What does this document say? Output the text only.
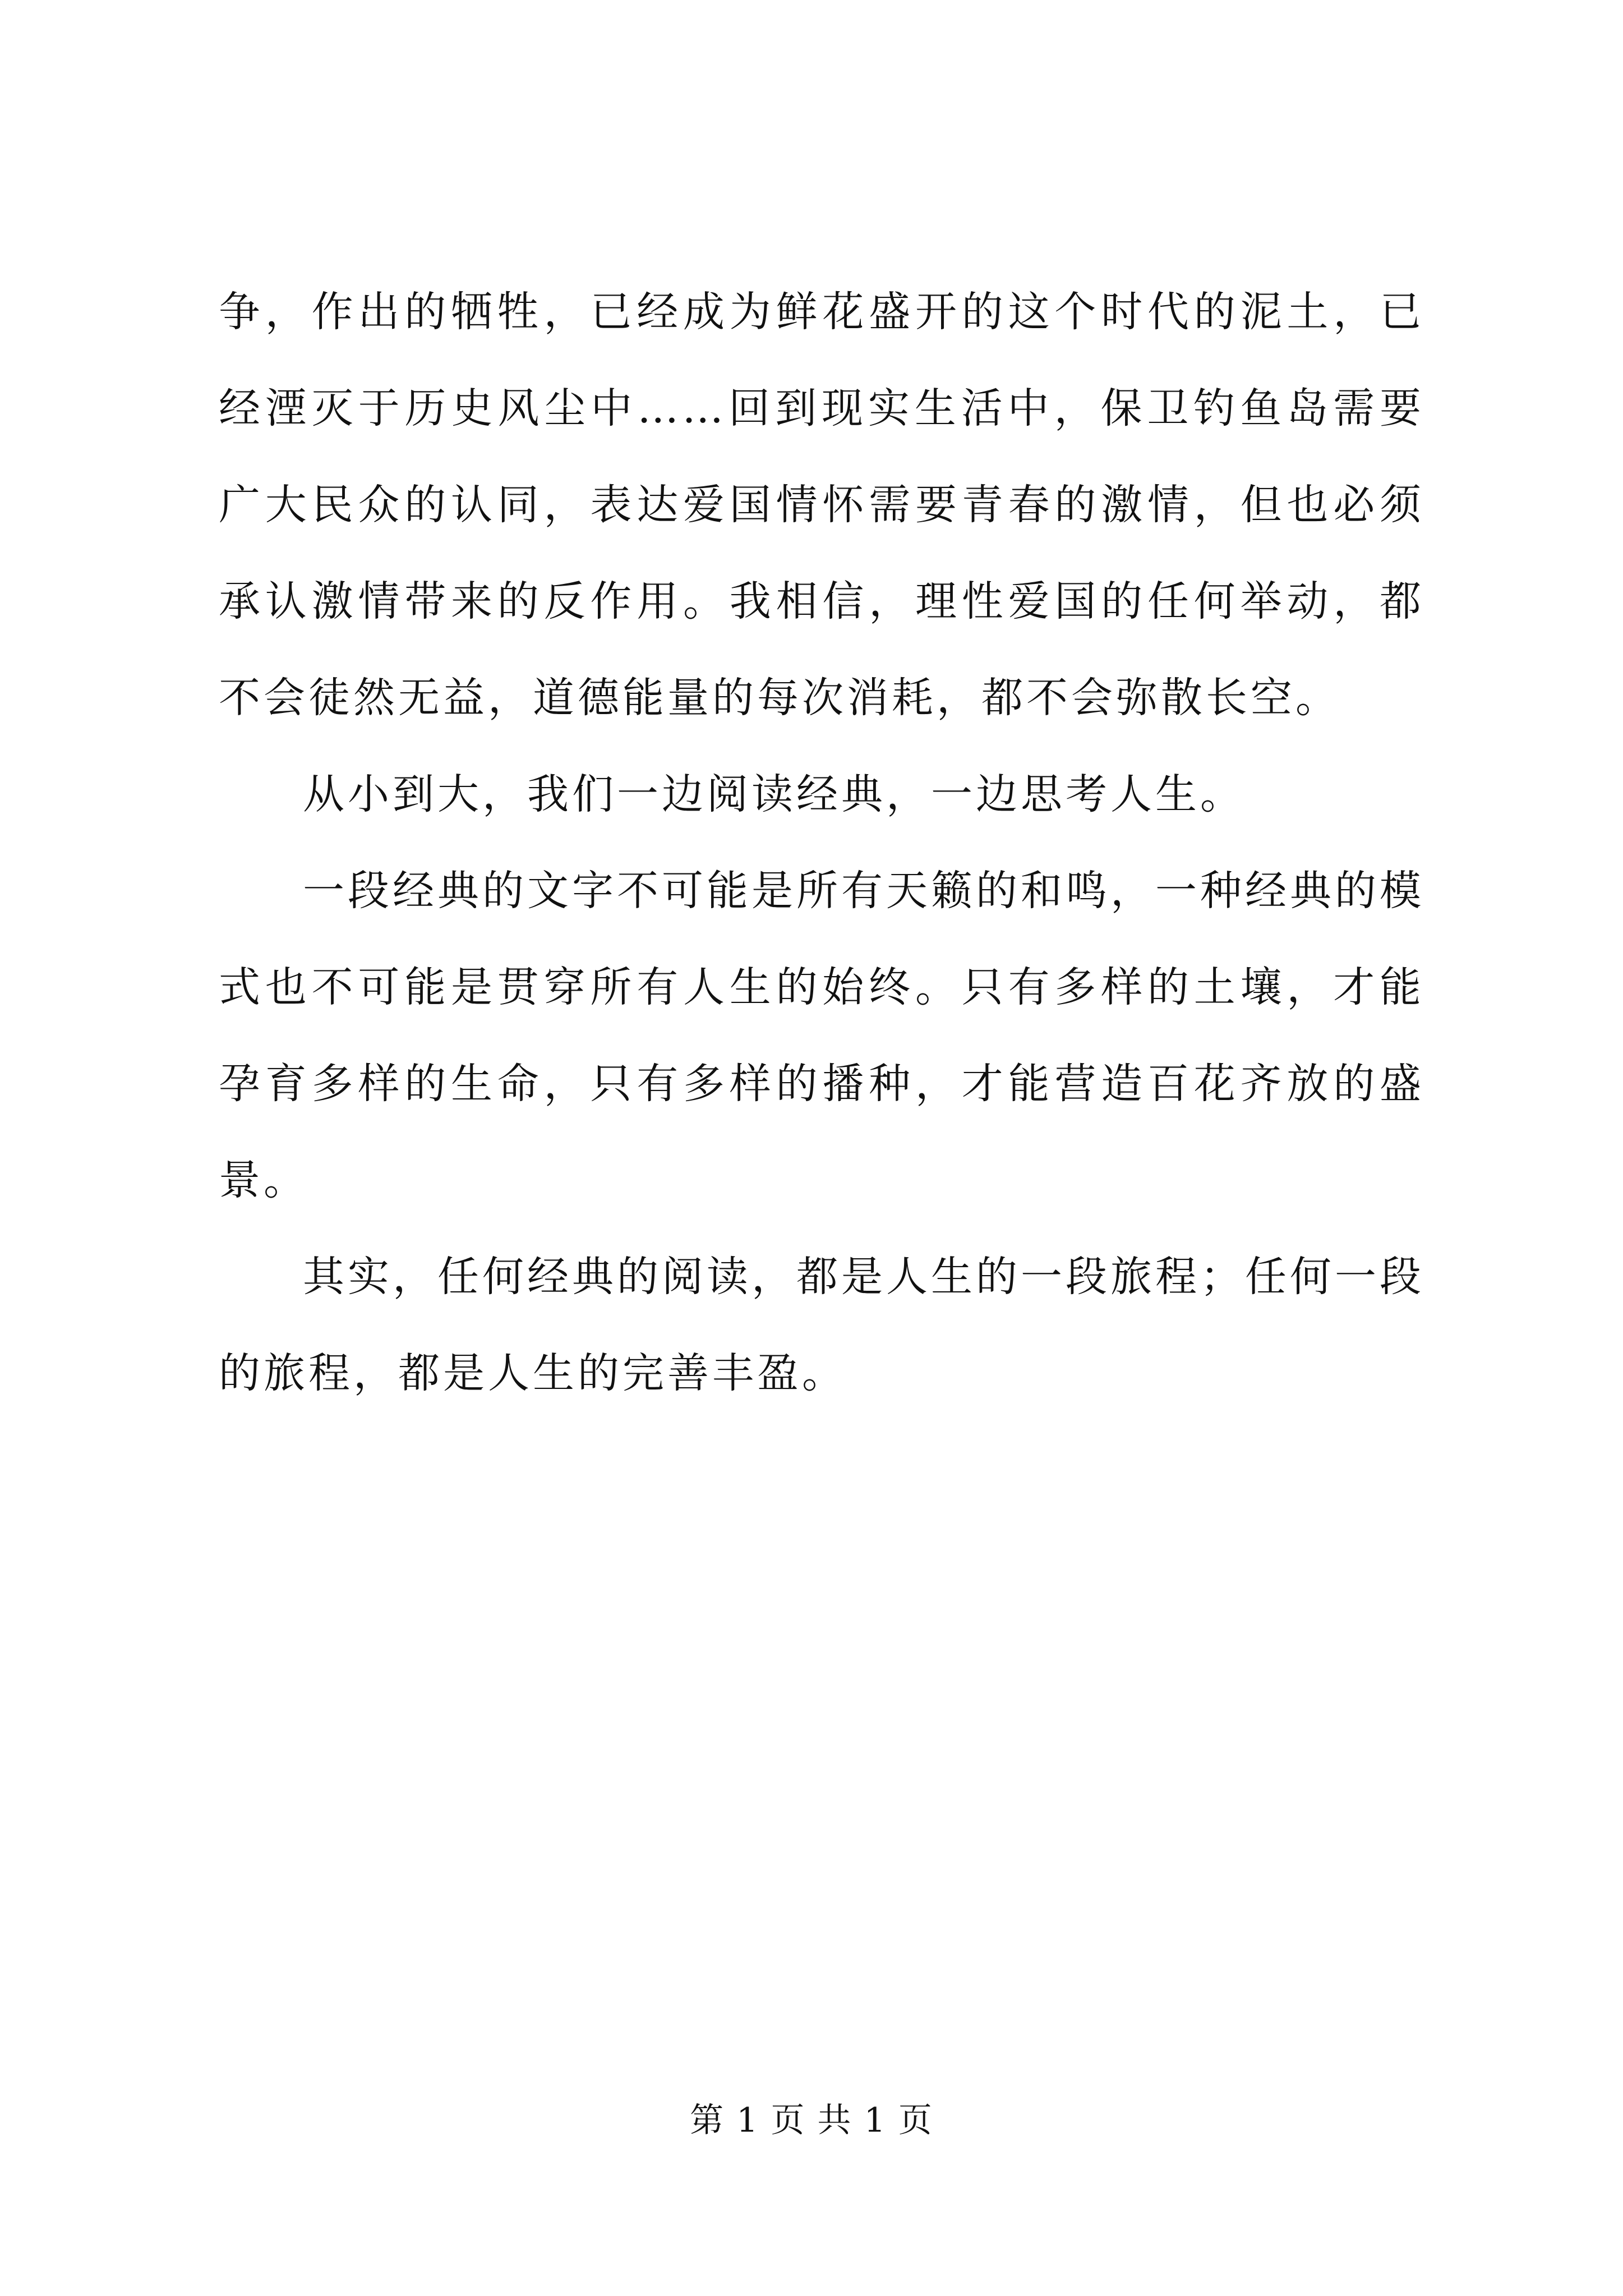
争，作出的牺牲，已经成为鲜花盛开的这个时代的泥土，已经湮灭于历史风尘中……回到现实生活中，保卫钓鱼岛需要广大民众的认同，表达爱国情怀需要青春的激情，但也必须承认激情带来的反作用。我相信，理性爱国的任何举动，都不会徒然无益，道德能量的每次消耗，都不会弥散长空。

从小到大，我们一边阅读经典，一边思考人生。

一段经典的文字不可能是所有天籁的和鸣，一种经典的模式也不可能是贯穿所有人生的始终。只有多样的土壤，才能孕育多样的生命，只有多样的播种，才能营造百花齐放的盛景。

其实，任何经典的阅读，都是人生的一段旅程；任何一段的旅程，都是人生的完善丰盈。

第 1 页 共 1 页
